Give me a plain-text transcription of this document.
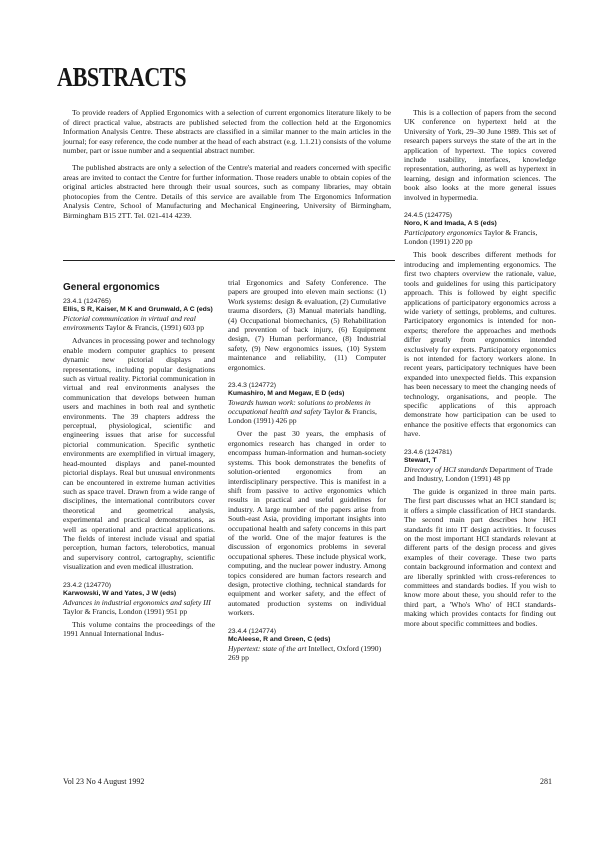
ABSTRACTS

To provide readers of Applied Ergonomics with a selection of current ergonomics literature likely to be of direct practical value, abstracts are published selected from the collection held at the Ergonomics Information Analysis Centre. These abstracts are classified in a similar manner to the main articles in the journal; for easy reference, the code number at the head of each abstract (e.g. 1.1.21) consists of the volume number, part or issue number and a sequential abstract number.

The published abstracts are only a selection of the Centre's material and readers concerned with specific areas are invited to contact the Centre for further information. Those readers unable to obtain copies of the original articles abstracted here through their usual sources, such as company libraries, may obtain photocopies from the Centre. Details of this service are available from The Ergonomics Information Analysis Centre, School of Manufacturing and Mechanical Engineering, University of Birmingham, Birmingham B15 2TT. Tel. 021-414 4239.

General ergonomics
23.4.1 (124765)
Ellis, S R, Kaiser, M K and Grunwald, A C (eds)
Pictorial communication in virtual and real environments Taylor & Francis, (1991) 603 pp

Advances in processing power and technology enable modern computer graphics to present dynamic new pictorial displays and representations, including popular designations such as virtual reality. Pictorial communication in virtual and real environments analyses the communication that develops between human users and machines in both real and synthetic environments. The 39 chapters address the perceptual, physiological, scientific and engineering issues that arise for successful pictorial communication. Specific synthetic environments are exemplified in virtual imagery, head-mounted displays and panel-mounted pictorial displays. Real but unusual environments can be encountered in extreme human activities such as space travel. Drawn from a wide range of disciplines, the international contributors cover theoretical and geometrical analysis, experimental and practical demonstrations, as well as operational and practical applications. The fields of interest include visual and spatial perception, human factors, telerobotics, manual and supervisory control, cartography, scientific visualization and even medical illustration.

23.4.2 (124770)
Karwowski, W and Yates, J W (eds)
Advances in industrial ergonomics and safety III Taylor & Francis, London (1991) 951 pp

This volume contains the proceedings of the 1991 Annual International Indus-

trial Ergonomics and Safety Conference. The papers are grouped into eleven main sections: (1) Work systems: design & evaluation, (2) Cumulative trauma disorders, (3) Manual materials handling, (4) Occupational biomechanics, (5) Rehabilitation and prevention of back injury, (6) Equipment design, (7) Human performance, (8) Industrial safety, (9) New ergonomics issues, (10) System maintenance and reliability, (11) Computer ergonomics.

23.4.3 (124772)
Kumashiro, M and Megaw, E D (eds)
Towards human work: solutions to problems in occupational health and safety Taylor & Francis, London (1991) 426 pp

Over the past 30 years, the emphasis of ergonomics research has changed in order to encompass human-information and human-society systems. This book demonstrates the benefits of solution-oriented ergonomics from an interdisciplinary perspective. This is manifest in a shift from passive to active ergonomics which results in practical and useful guidelines for industry. A large number of the papers arise from South-east Asia, providing important insights into occupational health and safety concerns in this part of the world. One of the major features is the discussion of ergonomics problems in several occupational spheres. These include physical work, computing, and the nuclear power industry. Among topics considered are human factors research and design, protective clothing, technical standards for equipment and worker safety, and the effect of automated production systems on individual workers.

23.4.4 (124774)
McAleese, R and Green, C (eds)
Hypertext: state of the art Intellect, Oxford (1990) 269 pp

This is a collection of papers from the second UK conference on hypertext held at the University of York, 29–30 June 1989. This set of research papers surveys the state of the art in the application of hypertext. The topics covered include usability, interfaces, knowledge representation, authoring, as well as hypertext in learning, design and information sciences. The book also looks at the more general issues involved in hypermedia.

24.4.5 (124775)
Noro, K and Imada, A S (eds)
Participatory ergonomics Taylor & Francis, London (1991) 220 pp

This book describes different methods for introducing and implementing ergonomics. The first two chapters overview the rationale, value, tools and guidelines for using this participatory approach. This is followed by eight specific applications of participatory ergonomics across a wide variety of settings, problems, and cultures. Participatory ergonomics is intended for non-experts; therefore the approaches and methods differ greatly from ergonomics intended exclusively for experts. Participatory ergonomics is not intended for factory workers alone. In recent years, participatory techniques have been expanded into unexpected fields. This expansion has been necessary to meet the changing needs of technology, organisations, and people. The specific applications of this approach demonstrate how participation can be used to enhance the positive effects that ergonomics can have.

23.4.6 (124781)
Stewart, T
Directory of HCI standards Department of Trade and Industry, London (1991) 48 pp

The guide is organized in three main parts. The first part discusses what an HCI standard is; it offers a simple classification of HCI standards. The second main part describes how HCI standards fit into IT design activities. It focuses on the most important HCI standards relevant at different parts of the design process and gives examples of their coverage. These two parts contain background information and context and are liberally sprinkled with cross-references to committees and standards bodies. If you wish to know more about these, you should refer to the third part, a 'Who's Who' of HCI standards-making which provides contacts for finding out more about specific committees and bodies.

Vol 23 No 4 August 1992	281
